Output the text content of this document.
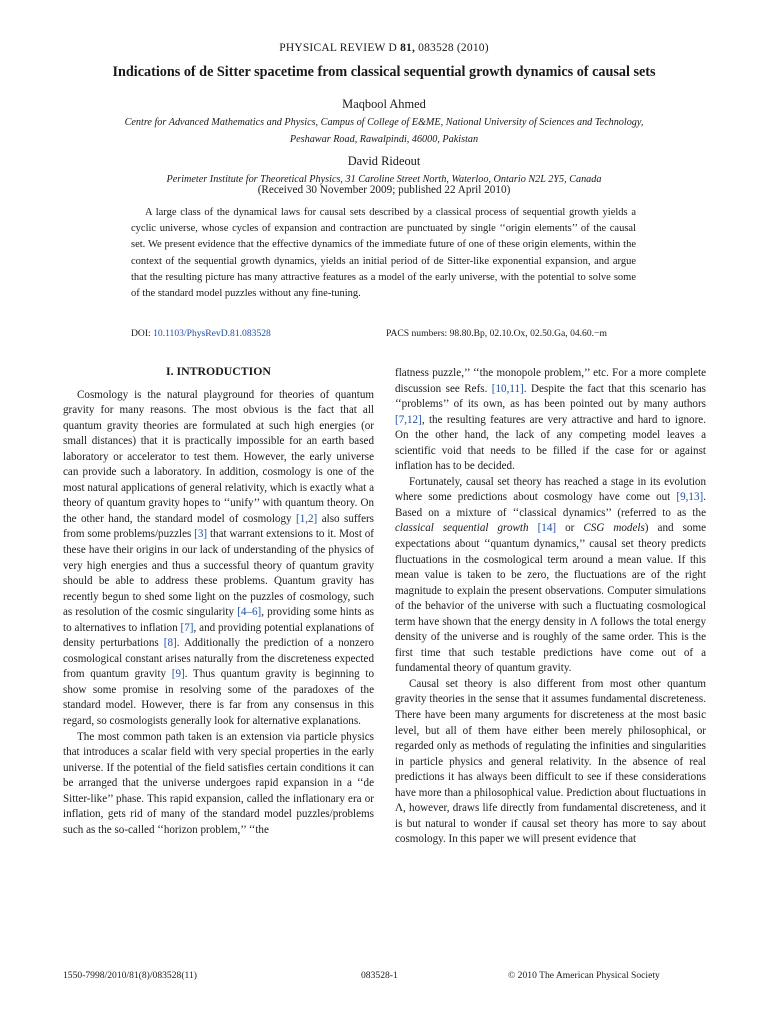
PHYSICAL REVIEW D 81, 083528 (2010)
Indications of de Sitter spacetime from classical sequential growth dynamics of causal sets
Maqbool Ahmed
Centre for Advanced Mathematics and Physics, Campus of College of E&ME, National University of Sciences and Technology,
Peshawar Road, Rawalpindi, 46000, Pakistan
David Rideout
Perimeter Institute for Theoretical Physics, 31 Caroline Street North, Waterloo, Ontario N2L 2Y5, Canada
(Received 30 November 2009; published 22 April 2010)

A large class of the dynamical laws for causal sets described by a classical process of sequential growth yields a cyclic universe, whose cycles of expansion and contraction are punctuated by single ‘‘origin elements’’ of the causal set. We present evidence that the effective dynamics of the immediate future of one of these origin elements, within the context of the sequential growth dynamics, yields an initial period of de Sitter-like exponential expansion, and argue that the resulting picture has many attractive features as a model of the early universe, with the potential to solve some of the standard model puzzles without any fine-tuning.

DOI: 10.1103/PhysRevD.81.083528	PACS numbers: 98.80.Bp, 02.10.Ox, 02.50.Ga, 04.60.−m
I. INTRODUCTION

Cosmology is the natural playground for theories of quantum gravity for many reasons. The most obvious is the fact that all quantum gravity theories are formulated at such high energies (or small distances) that it is practically impossible for an earth based laboratory or accelerator to test them. However, the early universe can provide such a laboratory. In addition, cosmology is one of the most natural applications of general relativity, which is exactly what a theory of quantum gravity hopes to ‘‘unify’’ with quantum theory. On the other hand, the standard model of cosmology [1,2] also suffers from some problems/puzzles [3] that warrant extensions to it. Most of these have their origins in our lack of understanding of the physics of very high energies and thus a successful theory of quantum gravity should be able to address these problems. Quantum gravity has recently begun to shed some light on the puzzles of cosmology, such as resolution of the cosmic singularity [4–6], providing some hints as to alternatives to inflation [7], and providing potential explanations of density perturbations [8]. Additionally the prediction of a nonzero cosmological constant arises naturally from the discreteness expected from quantum gravity [9]. Thus quantum gravity is beginning to show some promise in resolving some of the paradoxes of the standard model. However, there is far from any consensus in this regard, so cosmologists generally look for alternative explanations.

The most common path taken is an extension via particle physics that introduces a scalar field with very special properties in the early universe. If the potential of the field satisfies certain conditions it can be arranged that the universe undergoes rapid expansion in a ‘‘de Sitter-like’’ phase. This rapid expansion, called the inflationary era or inflation, gets rid of many of the standard model puzzles/problems such as the so-called ‘‘horizon problem,’’ ‘‘the

flatness puzzle,’’ ‘‘the monopole problem,’’ etc. For a more complete discussion see Refs. [10,11]. Despite the fact that this scenario has ‘‘problems’’ of its own, as has been pointed out by many authors [7,12], the resulting features are very attractive and hard to ignore. On the other hand, the lack of any competing model leaves a scientific void that needs to be filled if the case for or against inflation has to be decided.

Fortunately, causal set theory has reached a stage in its evolution where some predictions about cosmology have come out [9,13]. Based on a mixture of ‘‘classical dynamics’’ (referred to as the classical sequential growth [14] or CSG models) and some expectations about ‘‘quantum dynamics,’’ causal set theory predicts fluctuations in the cosmological term around a mean value. If this mean value is taken to be zero, the fluctuations are of the right magnitude to explain the present observations. Computer simulations of the behavior of the universe with such a fluctuating cosmological term have shown that the energy density in Λ follows the total energy density of the universe and is roughly of the same order. This is the first time that such testable predictions have come out of a fundamental theory of quantum gravity.

Causal set theory is also different from most other quantum gravity theories in the sense that it assumes fundamental discreteness. There have been many arguments for discreteness at the most basic level, but all of them have either been merely philosophical, or regarded only as methods of regulating the infinities and singularities in particle physics and general relativity. In the absence of real predictions it has always been difficult to see if these considerations have more than a philosophical value. Prediction about fluctuations in Λ, however, draws life directly from fundamental discreteness, and it is but natural to wonder if causal set theory has more to say about cosmology. In this paper we will present evidence that

1550-7998/2010/81(8)/083528(11)	083528-1	© 2010 The American Physical Society
